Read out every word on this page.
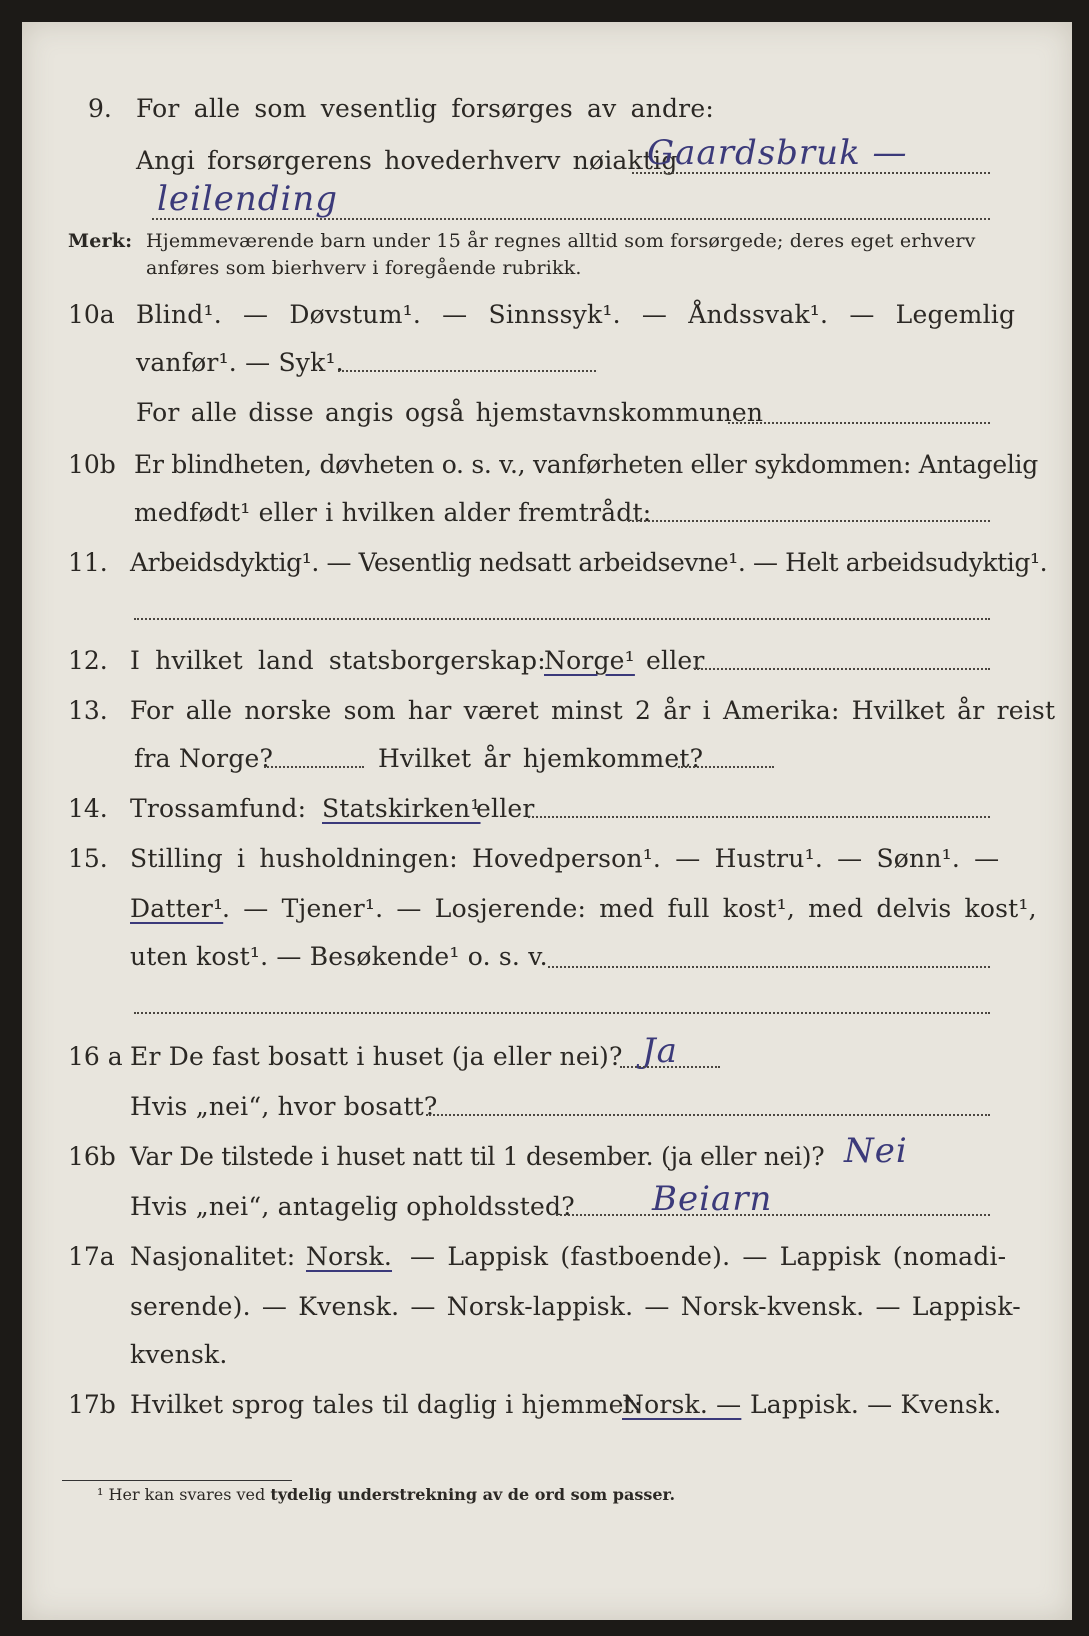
9. For alle som vesentlig forsørges av andre:
Angi forsørgerens hovederhverv nøiaktig
Gaardsbruk —
leilending
Merk: Hjemmeværende barn under 15 år regnes alltid som forsørgede; deres eget erhverv
anføres som bierhverv i foregående rubrikk.
10a Blind¹. — Døvstum¹. — Sinnssyk¹. — Åndssvak¹. — Legemlig
vanfør¹. — Syk¹.
For alle disse angis også hjemstavnskommunen
10b Er blindheten, døvheten o. s. v., vanførheten eller sykdommen: Antagelig
medfødt¹ eller i hvilken alder fremtrådt:
11. Arbeidsdyktig¹. — Vesentlig nedsatt arbeidsevne¹. — Helt arbeidsudyktig¹.
12. I hvilket land statsborgerskap:
Norge¹ eller
13. For alle norske som har været minst 2 år i Amerika: Hvilket år reist
fra Norge?	Hvilket år hjemkommet?
14. Trossamfund: Statskirken¹
eller
15. Stilling i husholdningen: Hovedperson¹. — Hustru¹. — Sønn¹. —
Datter¹
. — Tjener¹. — Losjerende: med full kost¹, med delvis kost¹,
uten kost¹. — Besøkende¹ o. s. v.
16 a Er De fast bosatt i huset (ja eller nei)? Ja
Hvis „nei“, hvor bosatt?
16b Var De tilstede i huset natt til 1 desember. (ja eller nei)? Nei
Hvis „nei“, antagelig opholdssted? Beiarn
17a Nasjonalitet: Norsk. — Lappisk (fastboende). — Lappisk (nomadi-
serende). — Kvensk. — Norsk-lappisk. — Norsk-kvensk. — Lappisk-
kvensk.
17b Hvilket sprog tales til daglig i hjemmet:
Norsk. — Lappisk. — Kvensk.
¹ Her kan svares ved tydelig understrekning av de ord som passer.
